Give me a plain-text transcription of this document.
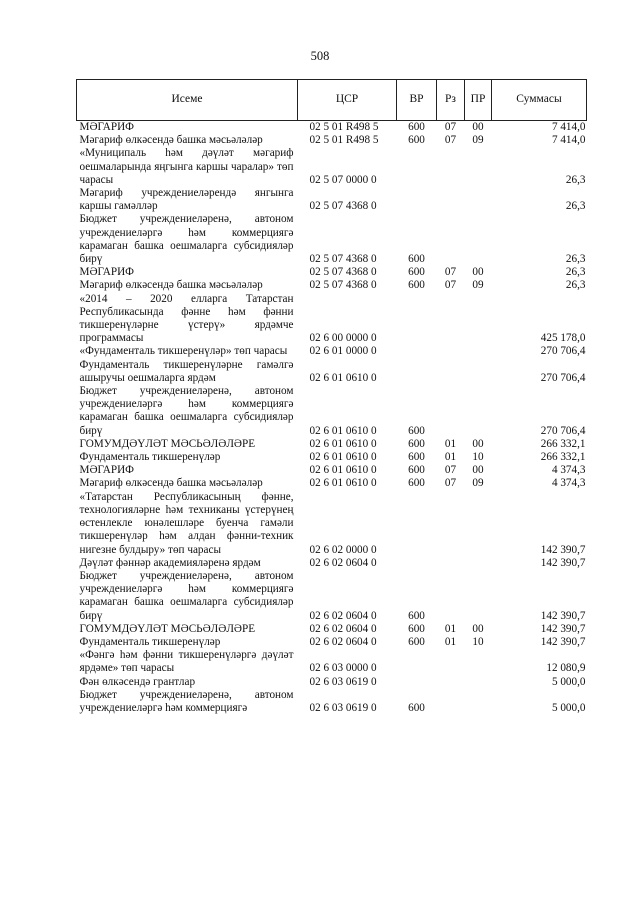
508
Исеме	ЦСР	ВР	Рз	ПР	Суммасы
МӘГАРИФ	02 5 01 R498 5	600	07	00	7 414,0
Мәгариф өлкәсендә башка мәсьәләләр	02 5 01 R498 5	600	07	09	7 414,0
«Муниципаль һәм дәүләт мәгариф оешмаларында яңгынга каршы чаралар» төп чарасы	02 5 07 0000 0				26,3
Мәгариф учреждениеләрендә янгынга каршы гамәлләр	02 5 07 4368 0				26,3
Бюджет учреждениеләренә, автоном учреждениеләргә һәм коммерциягә карамаган башка оешмаларга субсидияләр бирү	02 5 07 4368 0	600			26,3
МӘГАРИФ	02 5 07 4368 0	600	07	00	26,3
Мәгариф өлкәсендә башка мәсьәләләр	02 5 07 4368 0	600	07	09	26,3
«2014 – 2020 елларга Татарстан Республикасында фәнне һәм фәнни тикшеренүләрне үстерү» ярдәмче программасы	02 6 00 0000 0				425 178,0
«Фундаменталь тикшеренүләр» төп чарасы	02 6 01 0000 0				270 706,4
Фундаменталь тикшеренүләрне гамәлгә ашыручы оешмаларга ярдәм	02 6 01 0610 0				270 706,4
Бюджет учреждениеләренә, автоном учреждениеләргә һәм коммерциягә карамаган башка оешмаларга субсидияләр бирү	02 6 01 0610 0	600			270 706,4
ГОМУМДӘҮЛӘТ МӘСЬӘЛӘЛӘРЕ	02 6 01 0610 0	600	01	00	266 332,1
Фундаменталь тикшеренүләр	02 6 01 0610 0	600	01	10	266 332,1
МӘГАРИФ	02 6 01 0610 0	600	07	00	4 374,3
Мәгариф өлкәсендә башка мәсьәләләр	02 6 01 0610 0	600	07	09	4 374,3
«Татарстан Республикасының фәнне, технологияләрне һәм техниканы үстерүнең өстенлекле юнәлешләре буенча гамәли тикшеренүләр һәм алдан фәнни-техник нигезне булдыру» төп чарасы	02 6 02 0000 0				142 390,7
Дәүләт фәннәр академияләренә ярдәм	02 6 02 0604 0				142 390,7
Бюджет учреждениеләренә, автоном учреждениеләргә һәм коммерциягә карамаган башка оешмаларга субсидияләр бирү	02 6 02 0604 0	600			142 390,7
ГОМУМДӘҮЛӘТ МӘСЬӘЛӘЛӘРЕ	02 6 02 0604 0	600	01	00	142 390,7
Фундаменталь тикшеренүләр	02 6 02 0604 0	600	01	10	142 390,7
«Фәнгә һәм фәнни тикшеренүләргә дәүләт ярдәме» төп чарасы	02 6 03 0000 0				12 080,9
Фән өлкәсендә грантлар	02 6 03 0619 0				5 000,0
Бюджет учреждениеләренә, автоном учреждениеләргә һәм коммерциягә	02 6 03 0619 0	600			5 000,0
